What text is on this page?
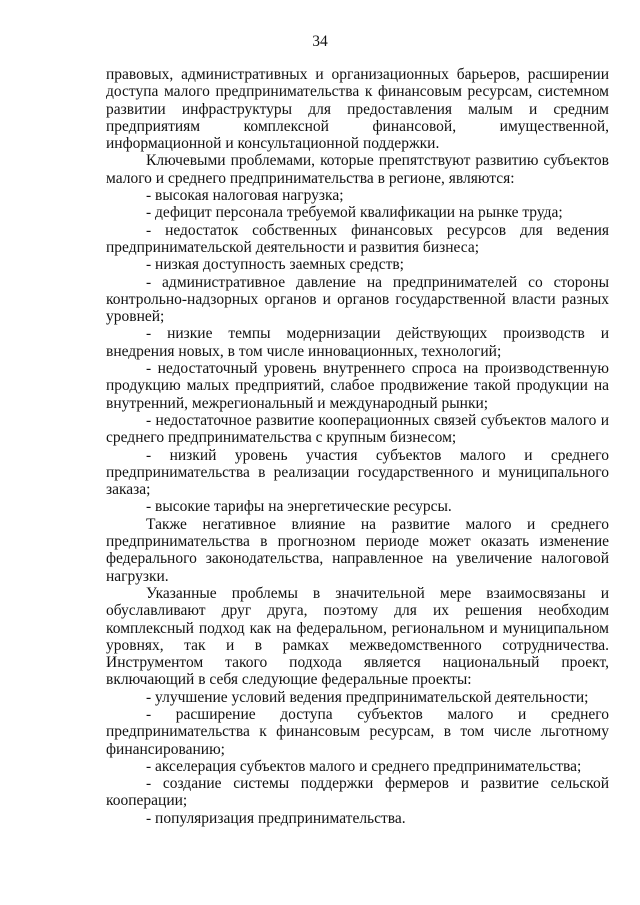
34

правовых, административных и организационных барьеров, расширении доступа малого предпринимательства к финансовым ресурсам, системном развитии инфраструктуры для предоставления малым и средним предприятиям комплексной финансовой, имущественной, информационной и консультационной поддержки.

Ключевыми проблемами, которые препятствуют развитию субъектов малого и среднего предпринимательства в регионе, являются:

- высокая налоговая нагрузка;

- дефицит персонала требуемой квалификации на рынке труда;

- недостаток собственных финансовых ресурсов для ведения предпринимательской деятельности и развития бизнеса;

- низкая доступность заемных средств;

- административное давление на предпринимателей со стороны контрольно-надзорных органов и органов государственной власти разных уровней;

- низкие темпы модернизации действующих производств и внедрения новых, в том числе инновационных, технологий;

- недостаточный уровень внутреннего спроса на производственную продукцию малых предприятий, слабое продвижение такой продукции на внутренний, межрегиональный и международный рынки;

- недостаточное развитие кооперационных связей субъектов малого и среднего предпринимательства с крупным бизнесом;

- низкий уровень участия субъектов малого и среднего предпринимательства в реализации государственного и муниципального заказа;

- высокие тарифы на энергетические ресурсы.

Также негативное влияние на развитие малого и среднего предпринимательства в прогнозном периоде может оказать изменение федерального законодательства, направленное на увеличение налоговой нагрузки.

Указанные проблемы в значительной мере взаимосвязаны и обуславливают друг друга, поэтому для их решения необходим комплексный подход как на федеральном, региональном и муниципальном уровнях, так и в рамках межведомственного сотрудничества. Инструментом такого подхода является национальный проект, включающий в себя следующие федеральные проекты:

- улучшение условий ведения предпринимательской деятельности;

- расширение доступа субъектов малого и среднего предпринимательства к финансовым ресурсам, в том числе льготному финансированию;

- акселерация субъектов малого и среднего предпринимательства;

- создание системы поддержки фермеров и развитие сельской кооперации;

- популяризация предпринимательства.
